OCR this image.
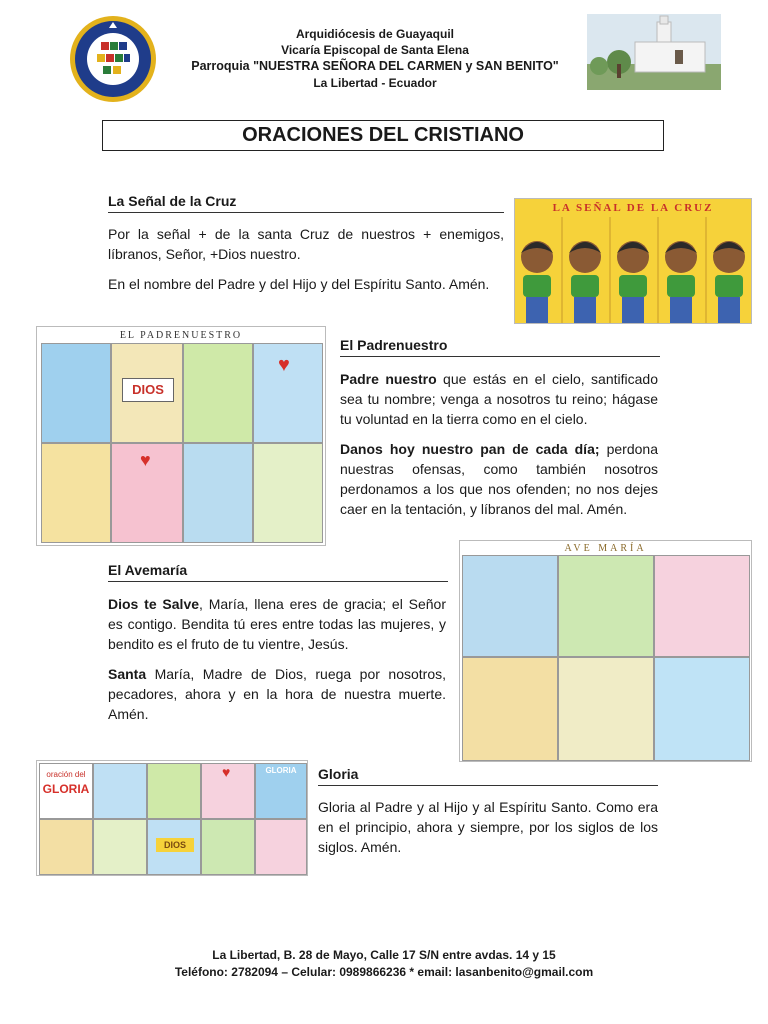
Arquidiócesis de Guayaquil
Vicaría Episcopal de Santa Elena
Parroquia "NUESTRA SEÑORA DEL CARMEN y SAN BENITO"
La Libertad - Ecuador
ORACIONES DEL CRISTIANO
La Señal de la Cruz
Por la señal + de la santa Cruz de nuestros + enemigos, líbranos, Señor, +Dios nuestro.
En el nombre del Padre y del Hijo y del Espíritu Santo. Amén.
LA SEÑAL DE LA CRUZ
EL PADRENUESTRO
DIOS
♥
♥
El Padrenuestro
Padre nuestro que estás en el cielo, santificado sea tu nombre; venga a nosotros tu reino; hágase tu voluntad en la tierra como en el cielo.
Danos hoy nuestro pan de cada día; perdona nuestras ofensas, como también nosotros perdonamos a los que nos ofenden; no nos dejes caer en la tentación, y líbranos del mal. Amén.
AVE MARÍA
El Avemaría
Dios te Salve, María, llena eres de gracia; el Señor es contigo. Bendita tú eres entre todas las mujeres, y bendito es el fruto de tu vientre, Jesús.
Santa María, Madre de Dios, ruega por nosotros, pecadores, ahora y en la hora de nuestra muerte. Amén.
oración del
GLORIA
♥	GLORIA
DIOS
Gloria
Gloria al Padre y al Hijo y al Espíritu Santo. Como era en el principio, ahora y siempre, por los siglos de los siglos. Amén.
La Libertad, B. 28 de Mayo, Calle 17 S/N entre avdas. 14 y 15
Teléfono: 2782094 – Celular: 0989866236 * email: lasanbenito@gmail.com
